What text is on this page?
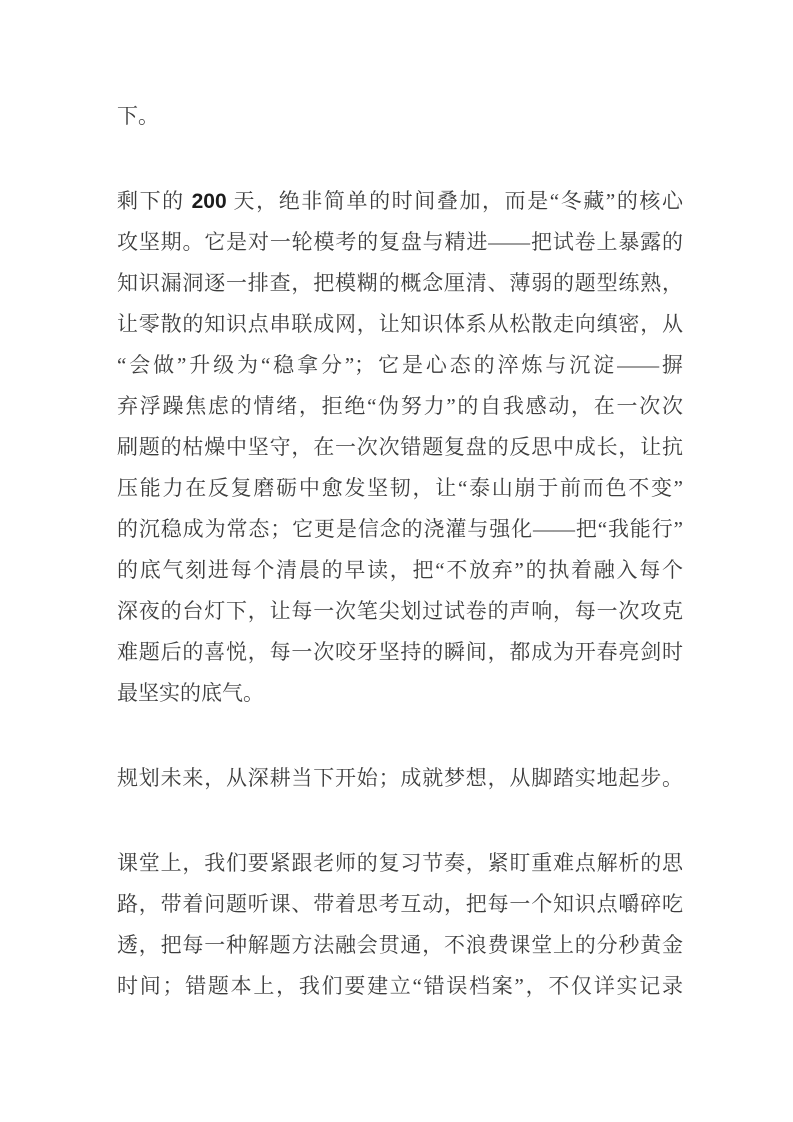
下。
剩下的 200 天，绝非简单的时间叠加，而是“冬藏”的核心
攻坚期。它是对一轮模考的复盘与精进——把试卷上暴露的
知识漏洞逐一排查，把模糊的概念厘清、薄弱的题型练熟，
让零散的知识点串联成网，让知识体系从松散走向缜密，从
“会做”升级为“稳拿分”；它是心态的淬炼与沉淀——摒
弃浮躁焦虑的情绪，拒绝“伪努力”的自我感动，在一次次
刷题的枯燥中坚守，在一次次错题复盘的反思中成长，让抗
压能力在反复磨砺中愈发坚韧，让“泰山崩于前而色不变”
的沉稳成为常态；它更是信念的浇灌与强化——把“我能行”
的底气刻进每个清晨的早读，把“不放弃”的执着融入每个
深夜的台灯下，让每一次笔尖划过试卷的声响，每一次攻克
难题后的喜悦，每一次咬牙坚持的瞬间，都成为开春亮剑时
最坚实的底气。
规划未来，从深耕当下开始；成就梦想，从脚踏实地起步。
课堂上，我们要紧跟老师的复习节奏，紧盯重难点解析的思
路，带着问题听课、带着思考互动，把每一个知识点嚼碎吃
透，把每一种解题方法融会贯通，不浪费课堂上的分秒黄金
时间；错题本上，我们要建立“错误档案”，不仅详实记录
